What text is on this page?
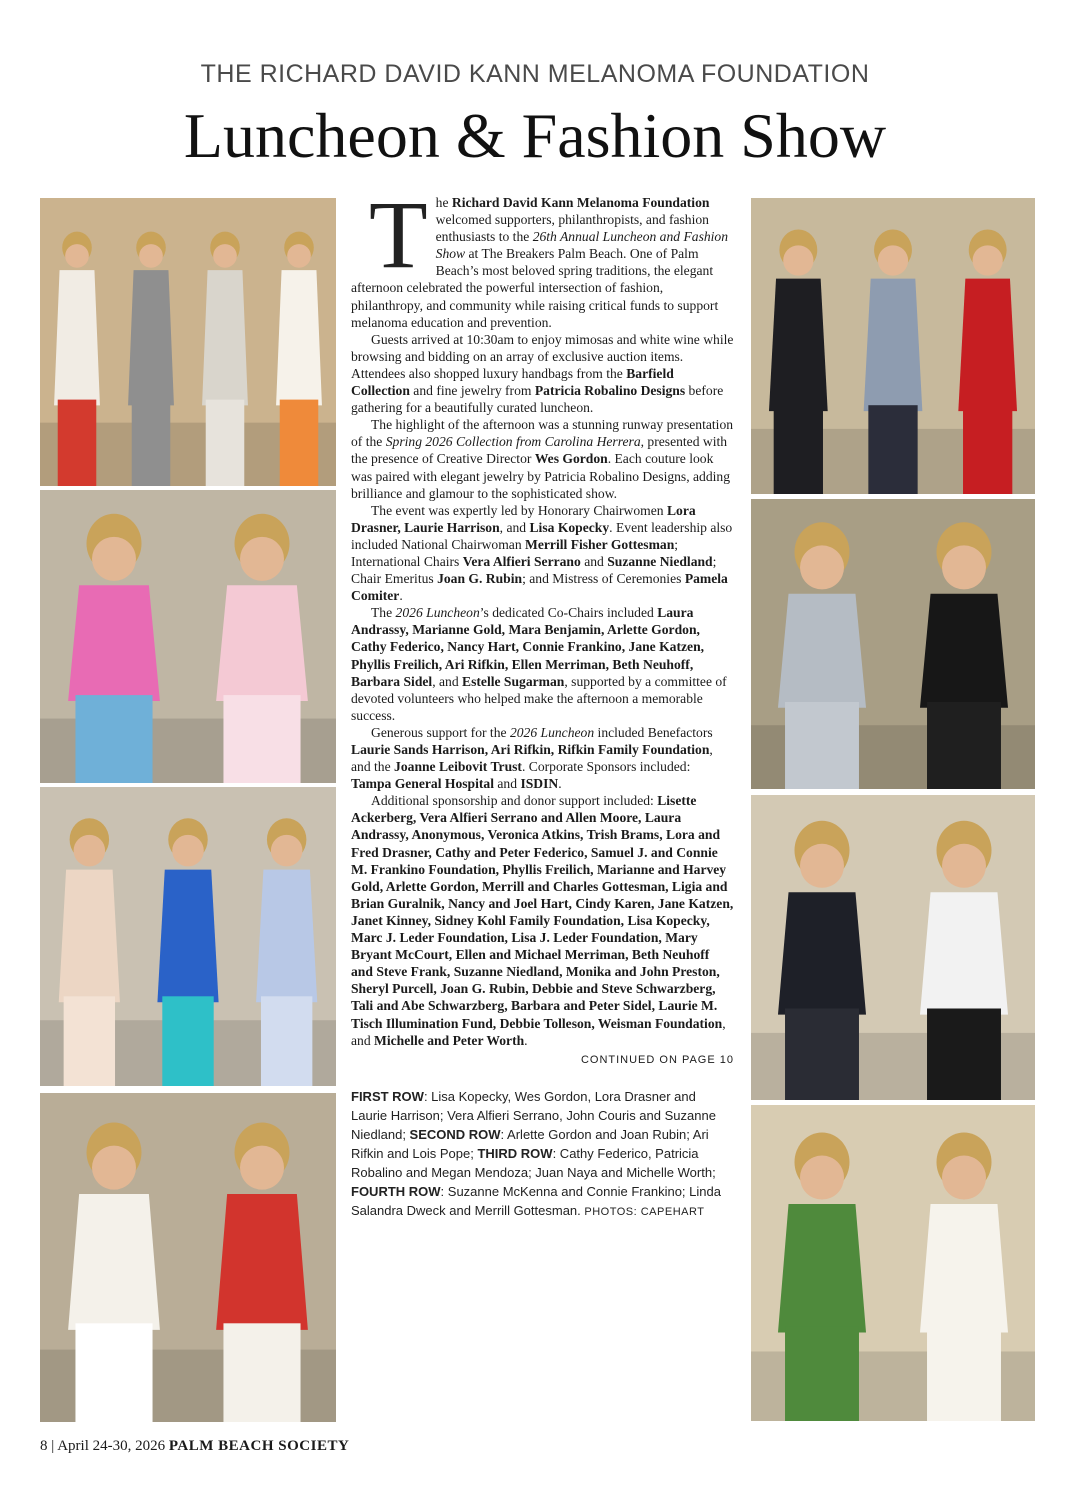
THE RICHARD DAVID KANN MELANOMA FOUNDATION
Luncheon & Fashion Show

The Richard David Kann Melanoma Foundation welcomed supporters, philanthropists, and fashion enthusiasts to the 26th Annual Luncheon and Fashion Show at The Breakers Palm Beach. One of Palm Beach’s most beloved spring traditions, the elegant afternoon celebrated the powerful intersection of fashion, philanthropy, and community while raising critical funds to support melanoma education and prevention.

Guests arrived at 10:30am to enjoy mimosas and white wine while browsing and bidding on an array of exclusive auction items. Attendees also shopped luxury handbags from the Barfield Collection and fine jewelry from Patricia Robalino Designs before gathering for a beautifully curated luncheon.

The highlight of the afternoon was a stunning runway presentation of the Spring 2026 Collection from Carolina Herrera, presented with the presence of Creative Director Wes Gordon. Each couture look was paired with elegant jewelry by Patricia Robalino Designs, adding brilliance and glamour to the sophisticated show.

The event was expertly led by Honorary Chairwomen Lora Drasner, Laurie Harrison, and Lisa Kopecky. Event leadership also included National Chairwoman Merrill Fisher Gottesman; International Chairs Vera Alfieri Serrano and Suzanne Niedland; Chair Emeritus Joan G. Rubin; and Mistress of Ceremonies Pamela Comiter.

The 2026 Luncheon’s dedicated Co-Chairs included Laura Andrassy, Marianne Gold, Mara Benjamin, Arlette Gordon, Cathy Federico, Nancy Hart, Connie Frankino, Jane Katzen, Phyllis Freilich, Ari Rifkin, Ellen Merriman, Beth Neuhoff, Barbara Sidel, and Estelle Sugarman, supported by a committee of devoted volunteers who helped make the afternoon a memorable success.

Generous support for the 2026 Luncheon included Benefactors Laurie Sands Harrison, Ari Rifkin, Rifkin Family Foundation, and the Joanne Leibovit Trust. Corporate Sponsors included: Tampa General Hospital and ISDIN.

Additional sponsorship and donor support included: Lisette Ackerberg, Vera Alfieri Serrano and Allen Moore, Laura Andrassy, Anonymous, Veronica Atkins, Trish Brams, Lora and Fred Drasner, Cathy and Peter Federico, Samuel J. and Connie M. Frankino Foundation, Phyllis Freilich, Marianne and Harvey Gold, Arlette Gordon, Merrill and Charles Gottesman, Ligia and Brian Guralnik, Nancy and Joel Hart, Cindy Karen, Jane Katzen, Janet Kinney, Sidney Kohl Family Foundation, Lisa Kopecky, Marc J. Leder Foundation, Lisa J. Leder Foundation, Mary Bryant McCourt, Ellen and Michael Merriman, Beth Neuhoff and Steve Frank, Suzanne Niedland, Monika and John Preston, Sheryl Purcell, Joan G. Rubin, Debbie and Steve Schwarzberg, Tali and Abe Schwarzberg, Barbara and Peter Sidel, Laurie M. Tisch Illumination Fund, Debbie Tolleson, Weisman Foundation, and Michelle and Peter Worth.

CONTINUED ON PAGE 10
FIRST ROW: Lisa Kopecky, Wes Gordon, Lora Drasner and Laurie Harrison; Vera Alfieri Serrano, John Couris and Suzanne Niedland; SECOND ROW: Arlette Gordon and Joan Rubin; Ari Rifkin and Lois Pope; THIRD ROW: Cathy Federico, Patricia Robalino and Megan Mendoza; Juan Naya and Michelle Worth; FOURTH ROW: Suzanne McKenna and Connie Frankino; Linda Salandra Dweck and Merrill Gottesman. PHOTOS: CAPEHART
8 | April 24-30, 2026 PALM BEACH SOCIETY
